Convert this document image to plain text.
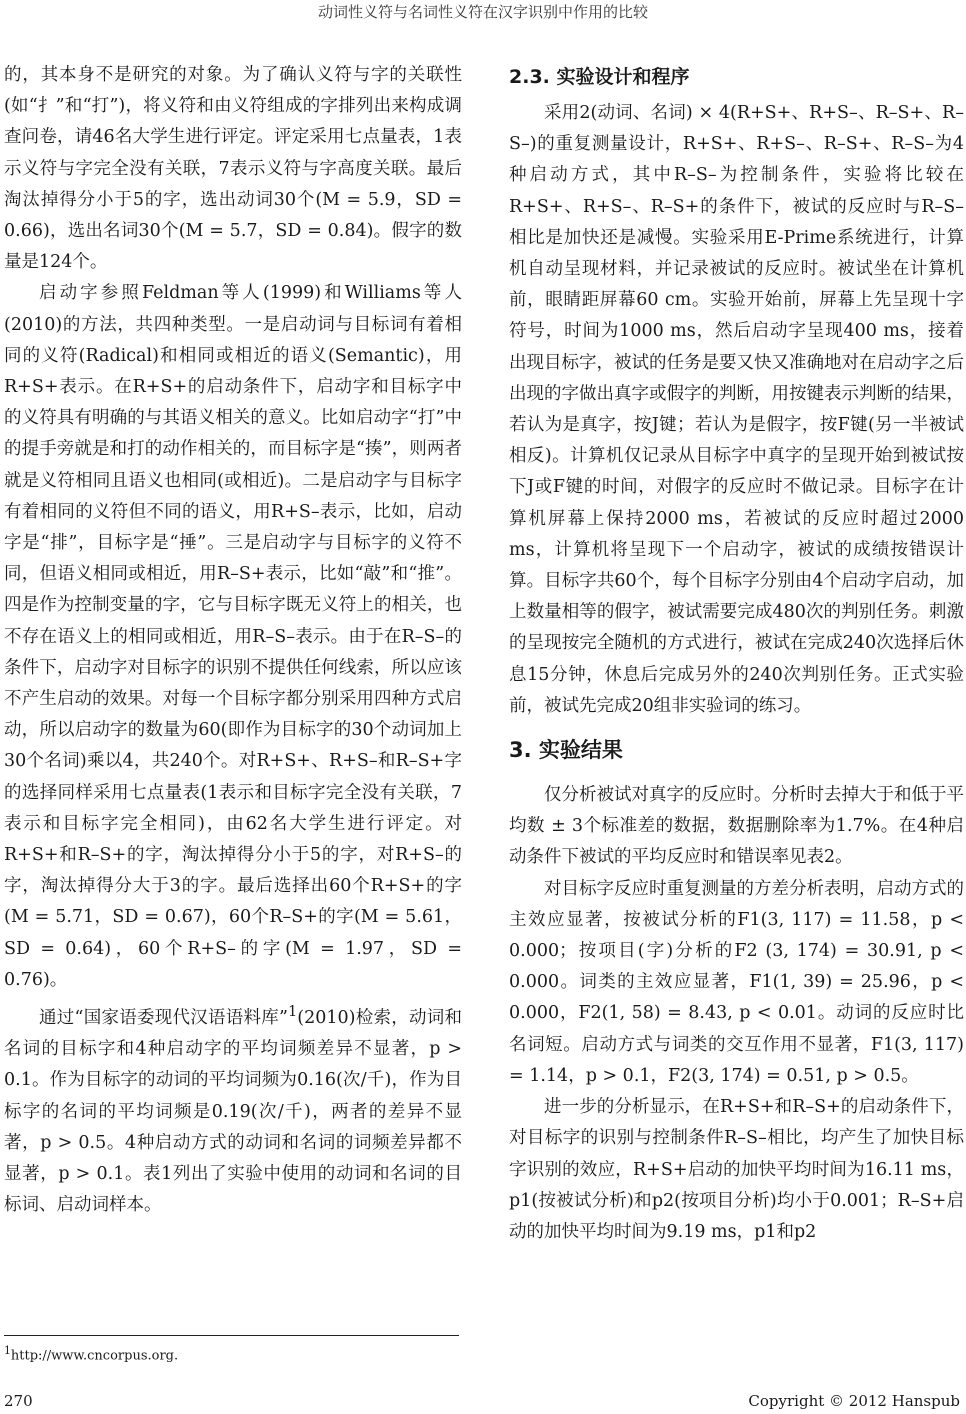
动词性义符与名词性义符在汉字识别中作用的比较

的，其本身不是研究的对象。为了确认义符与字的关联性(如“扌”和“打”)，将义符和由义符组成的字排列出来构成调查问卷，请46名大学生进行评定。评定采用七点量表，1表示义符与字完全没有关联，7表示义符与字高度关联。最后淘汰掉得分小于5的字，选出动词30个(M = 5.9，SD = 0.66)，选出名词30个(M = 5.7，SD = 0.84)。假字的数量是124个。

启动字参照Feldman等人(1999)和Williams等人(2010)的方法，共四种类型。一是启动词与目标词有着相同的义符(Radical)和相同或相近的语义(Semantic)，用R+S+表示。在R+S+的启动条件下，启动字和目标字中的义符具有明确的与其语义相关的意义。比如启动字“打”中的提手旁就是和打的动作相关的，而目标字是“揍”，则两者就是义符相同且语义也相同(或相近)。二是启动字与目标字有着相同的义符但不同的语义，用R+S–表示，比如，启动字是“排”，目标字是“捶”。三是启动字与目标字的义符不同，但语义相同或相近，用R–S+表示，比如“敲”和“推”。四是作为控制变量的字，它与目标字既无义符上的相关，也不存在语义上的相同或相近，用R–S–表示。由于在R–S–的条件下，启动字对目标字的识别不提供任何线索，所以应该不产生启动的效果。对每一个目标字都分别采用四种方式启动，所以启动字的数量为60(即作为目标字的30个动词加上30个名词)乘以4，共240个。对R+S+、R+S–和R–S+字的选择同样采用七点量表(1表示和目标字完全没有关联，7表示和目标字完全相同)，由62名大学生进行评定。对R+S+和R–S+的字，淘汰掉得分小于5的字，对R+S–的字，淘汰掉得分大于3的字。最后选择出60个R+S+的字(M = 5.71，SD = 0.67)，60个R–S+的字(M = 5.61，SD = 0.64)，60个R+S–的字(M = 1.97，SD = 0.76)。

通过“国家语委现代汉语语料库”$^1$(2010)检索，动词和名词的目标字和4种启动字的平均词频差异不显著，p > 0.1。作为目标字的动词的平均词频为0.16(次/千)，作为目标字的名词的平均词频是0.19(次/千)，两者的差异不显著，p > 0.5。4种启动方式的动词和名词的词频差异都不显著，p > 0.1。表1列出了实验中使用的动词和名词的目标词、启动词样本。

2.3. 实验设计和程序

采用2(动词、名词) × 4(R+S+、R+S–、R–S+、R–S–)的重复测量设计，R+S+、R+S–、R–S+、R–S–为4种启动方式，其中R–S–为控制条件，实验将比较在R+S+、R+S–、R–S+的条件下，被试的反应时与R–S–相比是加快还是减慢。实验采用E-Prime系统进行，计算机自动呈现材料，并记录被试的反应时。被试坐在计算机前，眼睛距屏幕60 cm。实验开始前，屏幕上先呈现十字符号，时间为1000 ms，然后启动字呈现400 ms，接着出现目标字，被试的任务是要又快又准确地对在启动字之后出现的字做出真字或假字的判断，用按键表示判断的结果，若认为是真字，按J键；若认为是假字，按F键(另一半被试相反)。计算机仅记录从目标字中真字的呈现开始到被试按下J或F键的时间，对假字的反应时不做记录。目标字在计算机屏幕上保持2000 ms，若被试的反应时超过2000 ms，计算机将呈现下一个启动字，被试的成绩按错误计算。目标字共60个，每个目标字分别由4个启动字启动，加上数量相等的假字，被试需要完成480次的判别任务。刺激的呈现按完全随机的方式进行，被试在完成240次选择后休息15分钟，休息后完成另外的240次判别任务。正式实验前，被试先完成20组非实验词的练习。

3. 实验结果

仅分析被试对真字的反应时。分析时去掉大于和低于平均数 ± 3个标准差的数据，数据删除率为1.7%。在4种启动条件下被试的平均反应时和错误率见表2。

对目标字反应时重复测量的方差分析表明，启动方式的主效应显著，按被试分析的F1(3, 117) = 11.58，p < 0.000；按项目(字)分析的F2 (3, 174) = 30.91, p < 0.000。词类的主效应显著，F1(1, 39) = 25.96，p < 0.000，F2(1, 58) = 8.43, p < 0.01。动词的反应时比名词短。启动方式与词类的交互作用不显著，F1(3, 117) = 1.14，p > 0.1，F2(3, 174) = 0.51, p > 0.5。

进一步的分析显示，在R+S+和R–S+的启动条件下，对目标字的识别与控制条件R–S–相比，均产生了加快目标字识别的效应，R+S+启动的加快平均时间为16.11 ms，p1(按被试分析)和p2(按项目分析)均小于0.001；R–S+启动的加快平均时间为9.19 ms，p1和p2

$^1$http://www.cncorpus.org.
270	Copyright © 2012 Hanspub
